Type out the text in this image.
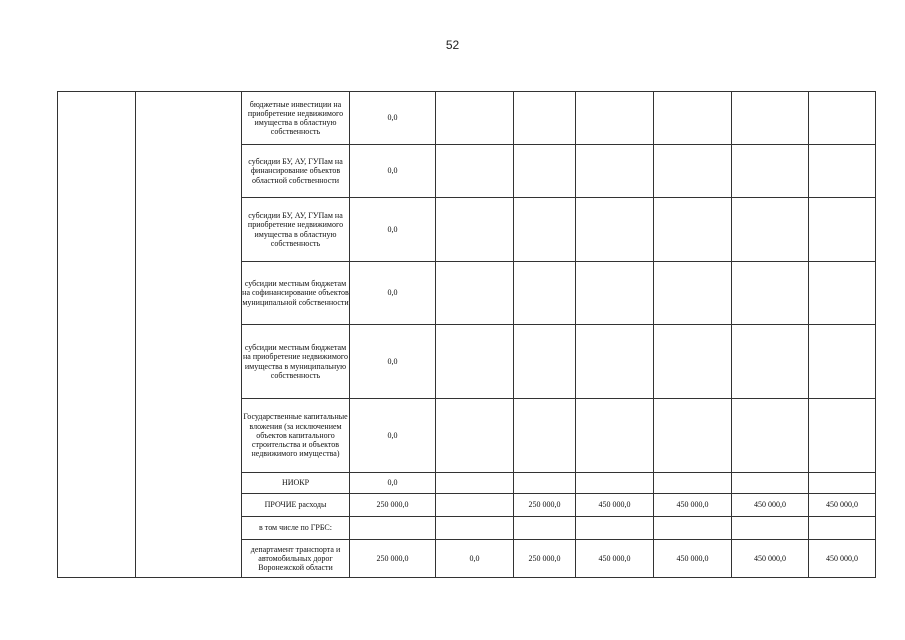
52
		бюджетные инвестиции на приобретение недвижимого имущества в областную собственность	0,0						
		субсидии БУ, АУ, ГУПам на финансирование объектов областной собственности	0,0						
		субсидии БУ, АУ, ГУПам на приобретение недвижимого имущества в областную собственность	0,0						
		субсидии местным бюджетам на софинансирование объектов муниципальной собственности	0,0						
		субсидии местным бюджетам на приобретение недвижимого имущества в муниципальную собственность	0,0						
		Государственные капитальные вложения (за исключением объектов капитального строительства и объектов недвижимого имущества)	0,0						
		НИОКР	0,0						
		ПРОЧИЕ расходы	250 000,0		250 000,0	450 000,0	450 000,0	450 000,0	450 000,0
		в том числе по ГРБС:							
		департамент транспорта и автомобильных дорог Воронежской области	250 000,0	0,0	250 000,0	450 000,0	450 000,0	450 000,0	450 000,0
